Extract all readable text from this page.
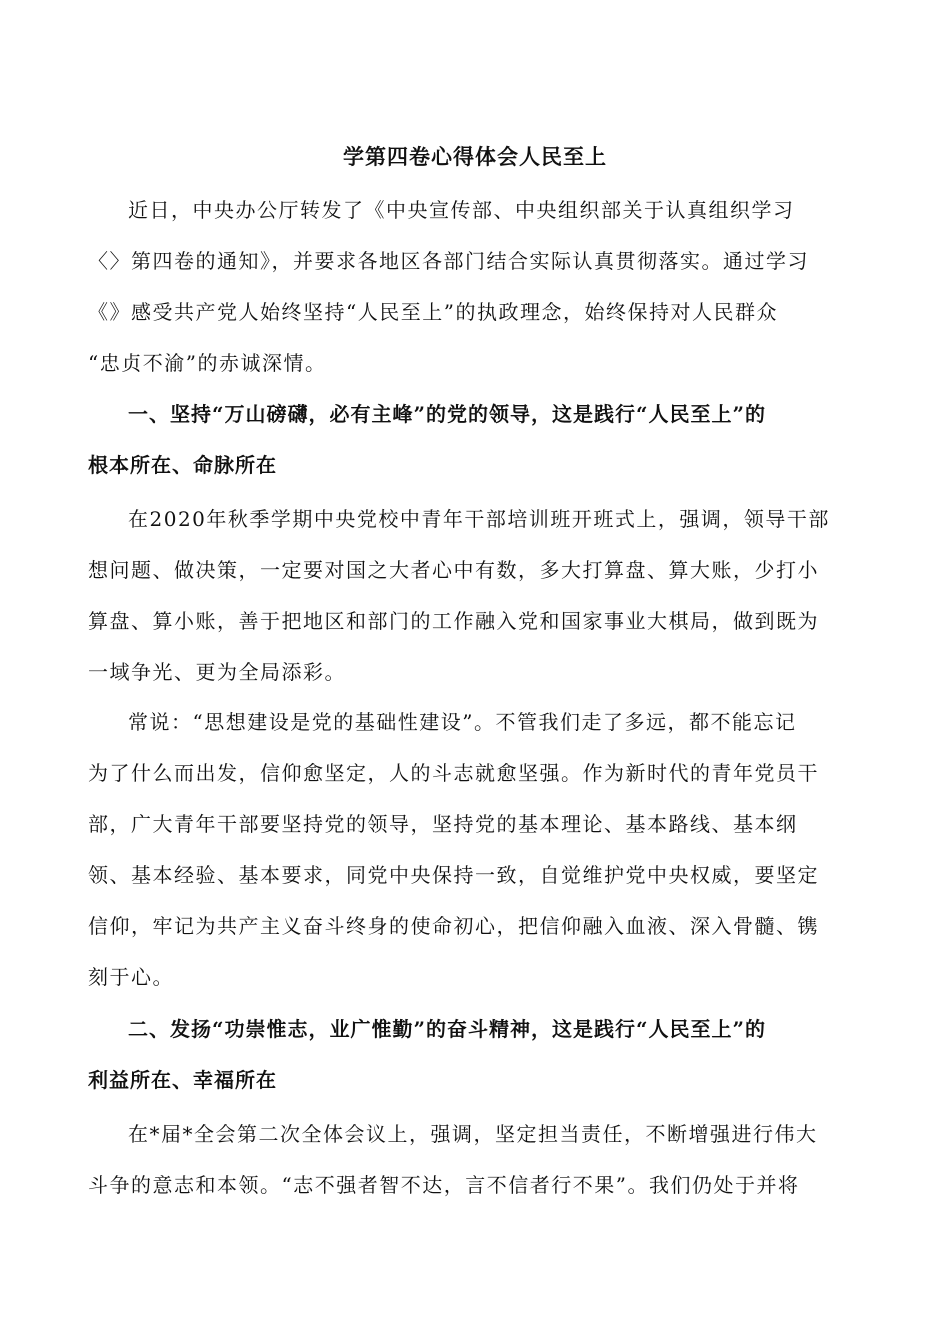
学第四卷心得体会人民至上

近日，中央办公厅转发了《中央宣传部、中央组织部关于认真组织学习
〈〉第四卷的通知》，并要求各地区各部门结合实际认真贯彻落实。通过学习
《》感受共产党人始终坚持“人民至上”的执政理念，始终保持对人民群众
“忠贞不渝”的赤诚深情。

一、坚持“万山磅礴，必有主峰”的党的领导，这是践行“人民至上”的
根本所在、命脉所在

在2020年秋季学期中央党校中青年干部培训班开班式上，强调，领导干部
想问题、做决策，一定要对国之大者心中有数，多大打算盘、算大账，少打小
算盘、算小账，善于把地区和部门的工作融入党和国家事业大棋局，做到既为
一域争光、更为全局添彩。

常说：“思想建设是党的基础性建设”。不管我们走了多远，都不能忘记
为了什么而出发，信仰愈坚定，人的斗志就愈坚强。作为新时代的青年党员干
部，广大青年干部要坚持党的领导，坚持党的基本理论、基本路线、基本纲
领、基本经验、基本要求，同党中央保持一致，自觉维护党中央权威，要坚定
信仰，牢记为共产主义奋斗终身的使命初心，把信仰融入血液、深入骨髓、镌
刻于心。

二、发扬“功崇惟志，业广惟勤”的奋斗精神，这是践行“人民至上”的
利益所在、幸福所在

在*届*全会第二次全体会议上，强调，坚定担当责任，不断增强进行伟大
斗争的意志和本领。“志不强者智不达，言不信者行不果”。我们仍处于并将
